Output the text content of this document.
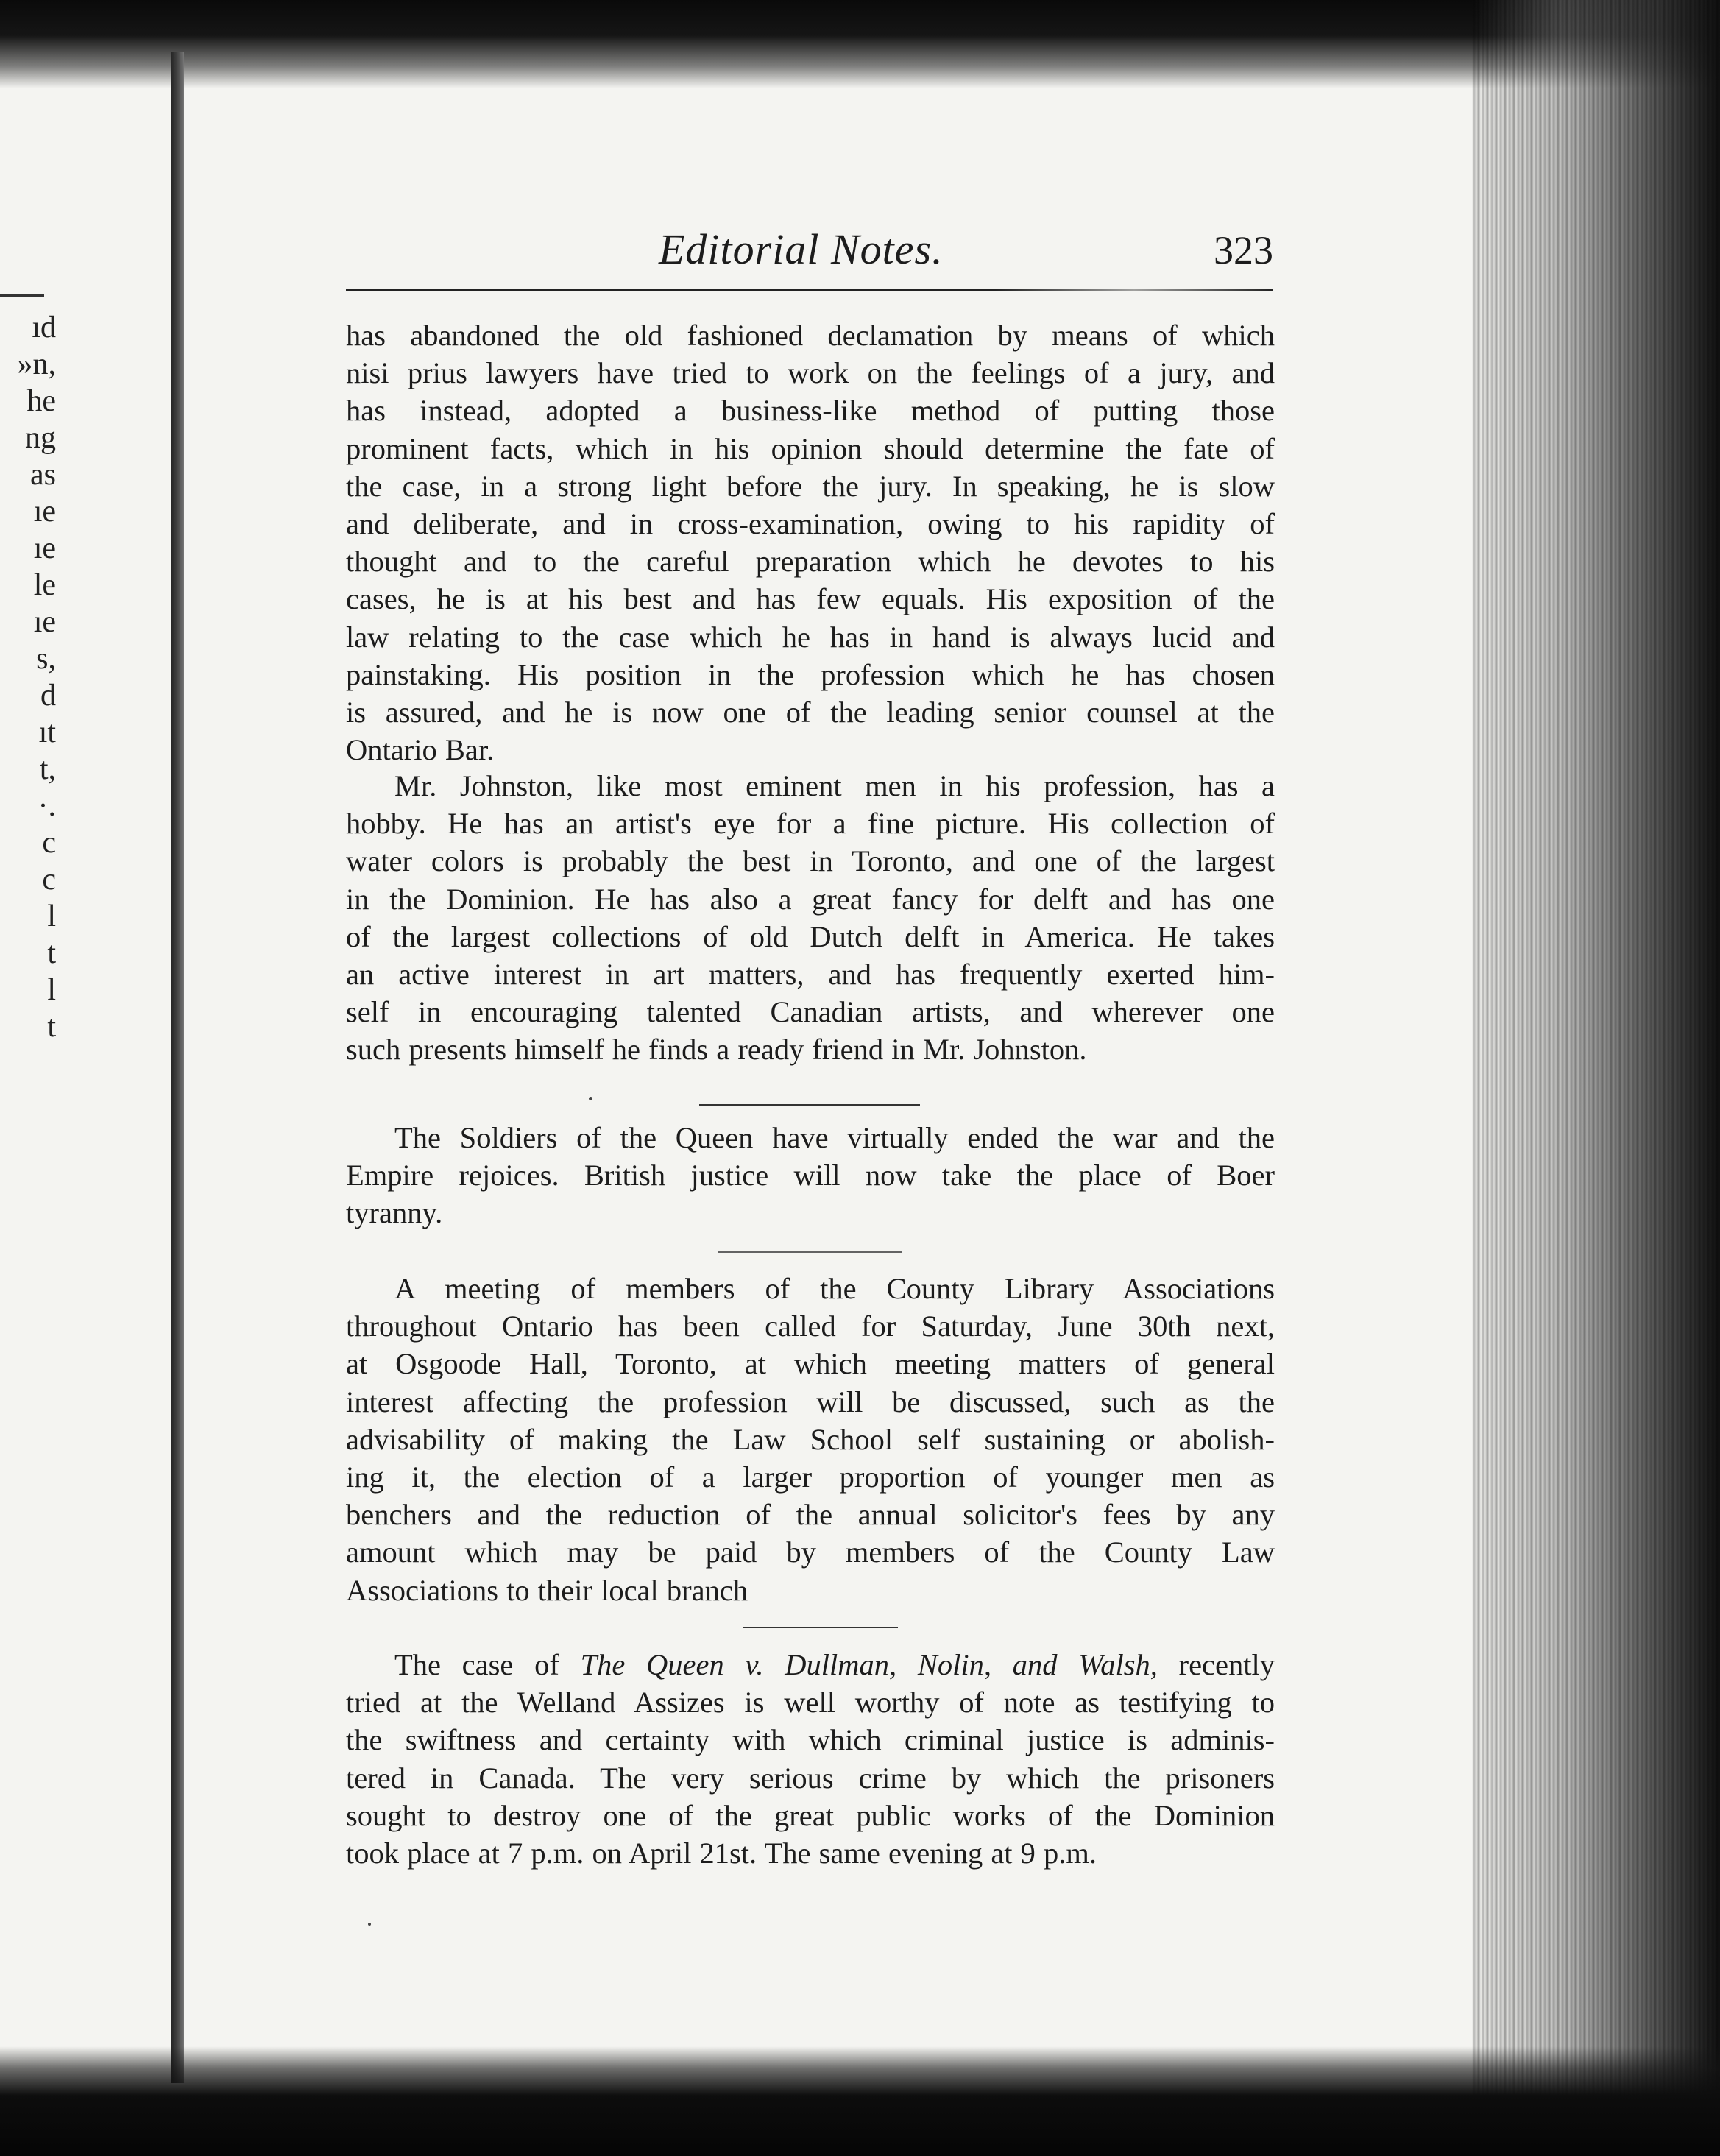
ıd
»n,
he
ng
as
ıe
ıe
le
ıe
s,
d
ıt
t,
·.
c
c
l
t
l
t
Editorial Notes.	323
has abandoned the old fashioned declamation by means of which
nisi prius lawyers have tried to work on the feelings of a jury, and
has instead, adopted a business-like method of putting those
prominent facts, which in his opinion should determine the fate of
the case, in a strong light before the jury. In speaking, he is slow
and deliberate, and in cross-examination, owing to his rapidity of
thought and to the careful preparation which he devotes to his
cases, he is at his best and has few equals. His exposition of the
law relating to the case which he has in hand is always lucid and
painstaking. His position in the profession which he has chosen
is assured, and he is now one of the leading senior counsel at the
Ontario Bar.
Mr. Johnston, like most eminent men in his profession, has a
hobby. He has an artist's eye for a fine picture. His collection of
water colors is probably the best in Toronto, and one of the largest
in the Dominion. He has also a great fancy for delft and has one
of the largest collections of old Dutch delft in America. He takes
an active interest in art matters, and has frequently exerted him-
self in encouraging talented Canadian artists, and wherever one
such presents himself he finds a ready friend in Mr. Johnston.
The Soldiers of the Queen have virtually ended the war and the
Empire rejoices. British justice will now take the place of Boer
tyranny.
A meeting of members of the County Library Associations
throughout Ontario has been called for Saturday, June 30th next,
at Osgoode Hall, Toronto, at which meeting matters of general
interest affecting the profession will be discussed, such as the
advisability of making the Law School self sustaining or abolish-
ing it, the election of a larger proportion of younger men as
benchers and the reduction of the annual solicitor's fees by any
amount which may be paid by members of the County Law
Associations to their local branch
The case of The Queen v. Dullman, Nolin, and Walsh, recently
tried at the Welland Assizes is well worthy of note as testifying to
the swiftness and certainty with which criminal justice is adminis-
tered in Canada. The very serious crime by which the prisoners
sought to destroy one of the great public works of the Dominion
took place at 7 p.m. on April 21st. The same evening at 9 p.m.
